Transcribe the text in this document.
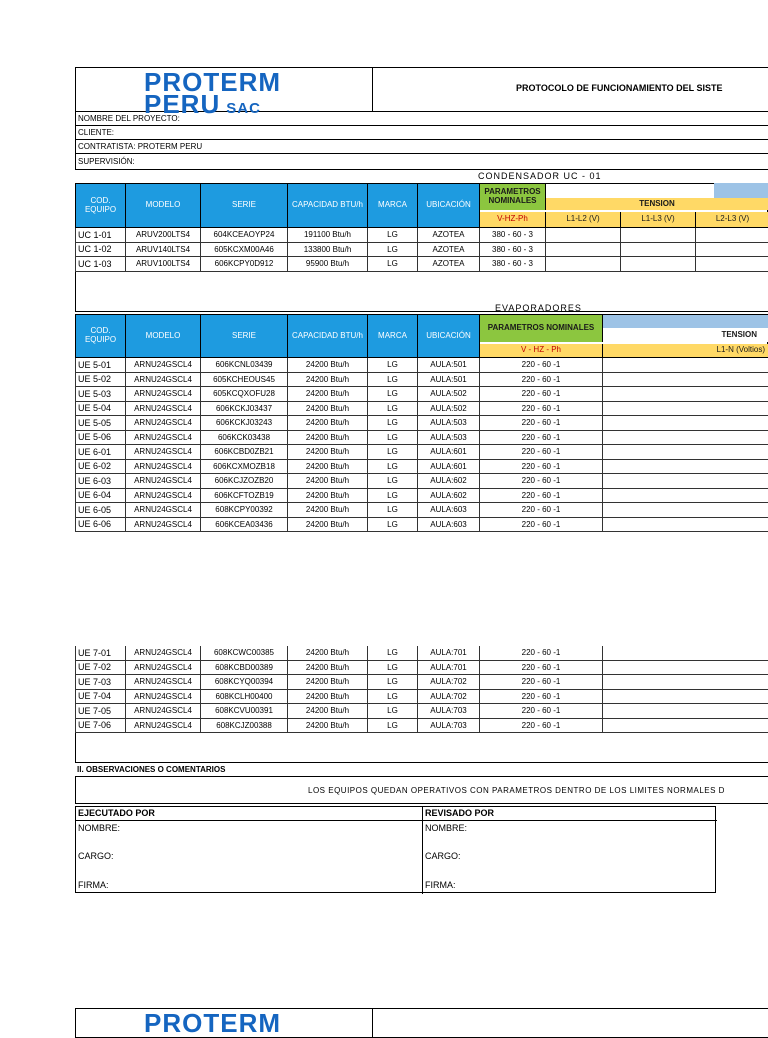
PROTERM
PERU SAC
PROTOCOLO DE FUNCIONAMIENTO DEL SISTE
NOMBRE DEL PROYECTO:
CLIENTE:
CONTRATISTA: PROTERM PERU
SUPERVISIÓN:
CONDENSADOR UC - 01
COD. EQUIPO	MODELO	SERIE	CAPACIDAD BTU/h	MARCA	UBICACIÓN
PARAMETROS NOMINALES
V-HZ-Ph
TENSION
L1-L2 (V)	L1-L3 (V)	L2-L3 (V)
UC 1-01	ARUV200LTS4	604KCEAOYP24	191100 Btu/h	LG	AZOTEA	380 - 60 - 3
UC 1-02	ARUV140LTS4	605KCXM00A46	133800 Btu/h	LG	AZOTEA	380 - 60 - 3
UC 1-03	ARUV100LTS4	606KCPY0D912	95900 Btu/h	LG	AZOTEA	380 - 60 - 3
EVAPORADORES
COD. EQUIPO	MODELO	SERIE	CAPACIDAD BTU/h	MARCA	UBICACIÓN
PARAMETROS NOMINALES
V - HZ - Ph
TENSION
L1-N (Voltios)
UE 5-01	ARNU24GSCL4	606KCNL03439	24200 Btu/h	LG	AULA:501	220 - 60 -1
UE 5-02	ARNU24GSCL4	605KCHEOUS45	24200 Btu/h	LG	AULA:501	220 - 60 -1
UE 5-03	ARNU24GSCL4	605KCQXOFU28	24200 Btu/h	LG	AULA:502	220 - 60 -1
UE 5-04	ARNU24GSCL4	606KCKJ03437	24200 Btu/h	LG	AULA:502	220 - 60 -1
UE 5-05	ARNU24GSCL4	606KCKJ03243	24200 Btu/h	LG	AULA:503	220 - 60 -1
UE 5-06	ARNU24GSCL4	606KCK03438	24200 Btu/h	LG	AULA:503	220 - 60 -1
UE 6-01	ARNU24GSCL4	606KCBD0ZB21	24200 Btu/h	LG	AULA:601	220 - 60 -1
UE 6-02	ARNU24GSCL4	606KCXMOZB18	24200 Btu/h	LG	AULA:601	220 - 60 -1
UE 6-03	ARNU24GSCL4	606KCJZOZB20	24200 Btu/h	LG	AULA:602	220 - 60 -1
UE 6-04	ARNU24GSCL4	606KCFTOZB19	24200 Btu/h	LG	AULA:602	220 - 60 -1
UE 6-05	ARNU24GSCL4	608KCPY00392	24200 Btu/h	LG	AULA:603	220 - 60 -1
UE 6-06	ARNU24GSCL4	606KCEA03436	24200 Btu/h	LG	AULA:603	220 - 60 -1
UE 7-01	ARNU24GSCL4	608KCWC00385	24200 Btu/h	LG	AULA:701	220 - 60 -1
UE 7-02	ARNU24GSCL4	608KCBD00389	24200 Btu/h	LG	AULA:701	220 - 60 -1
UE 7-03	ARNU24GSCL4	608KCYQ00394	24200 Btu/h	LG	AULA:702	220 - 60 -1
UE 7-04	ARNU24GSCL4	608KCLH00400	24200 Btu/h	LG	AULA:702	220 - 60 -1
UE 7-05	ARNU24GSCL4	608KCVU00391	24200 Btu/h	LG	AULA:703	220 - 60 -1
UE 7-06	ARNU24GSCL4	608KCJZ00388	24200 Btu/h	LG	AULA:703	220 - 60 -1
II. OBSERVACIONES O COMENTARIOS
LOS EQUIPOS QUEDAN OPERATIVOS CON PARAMETROS DENTRO DE LOS LIMITES NORMALES D
EJECUTADO POR	REVISADO POR
NOMBRE:
CARGO:
FIRMA:
NOMBRE:
CARGO:
FIRMA:
PROTERM
